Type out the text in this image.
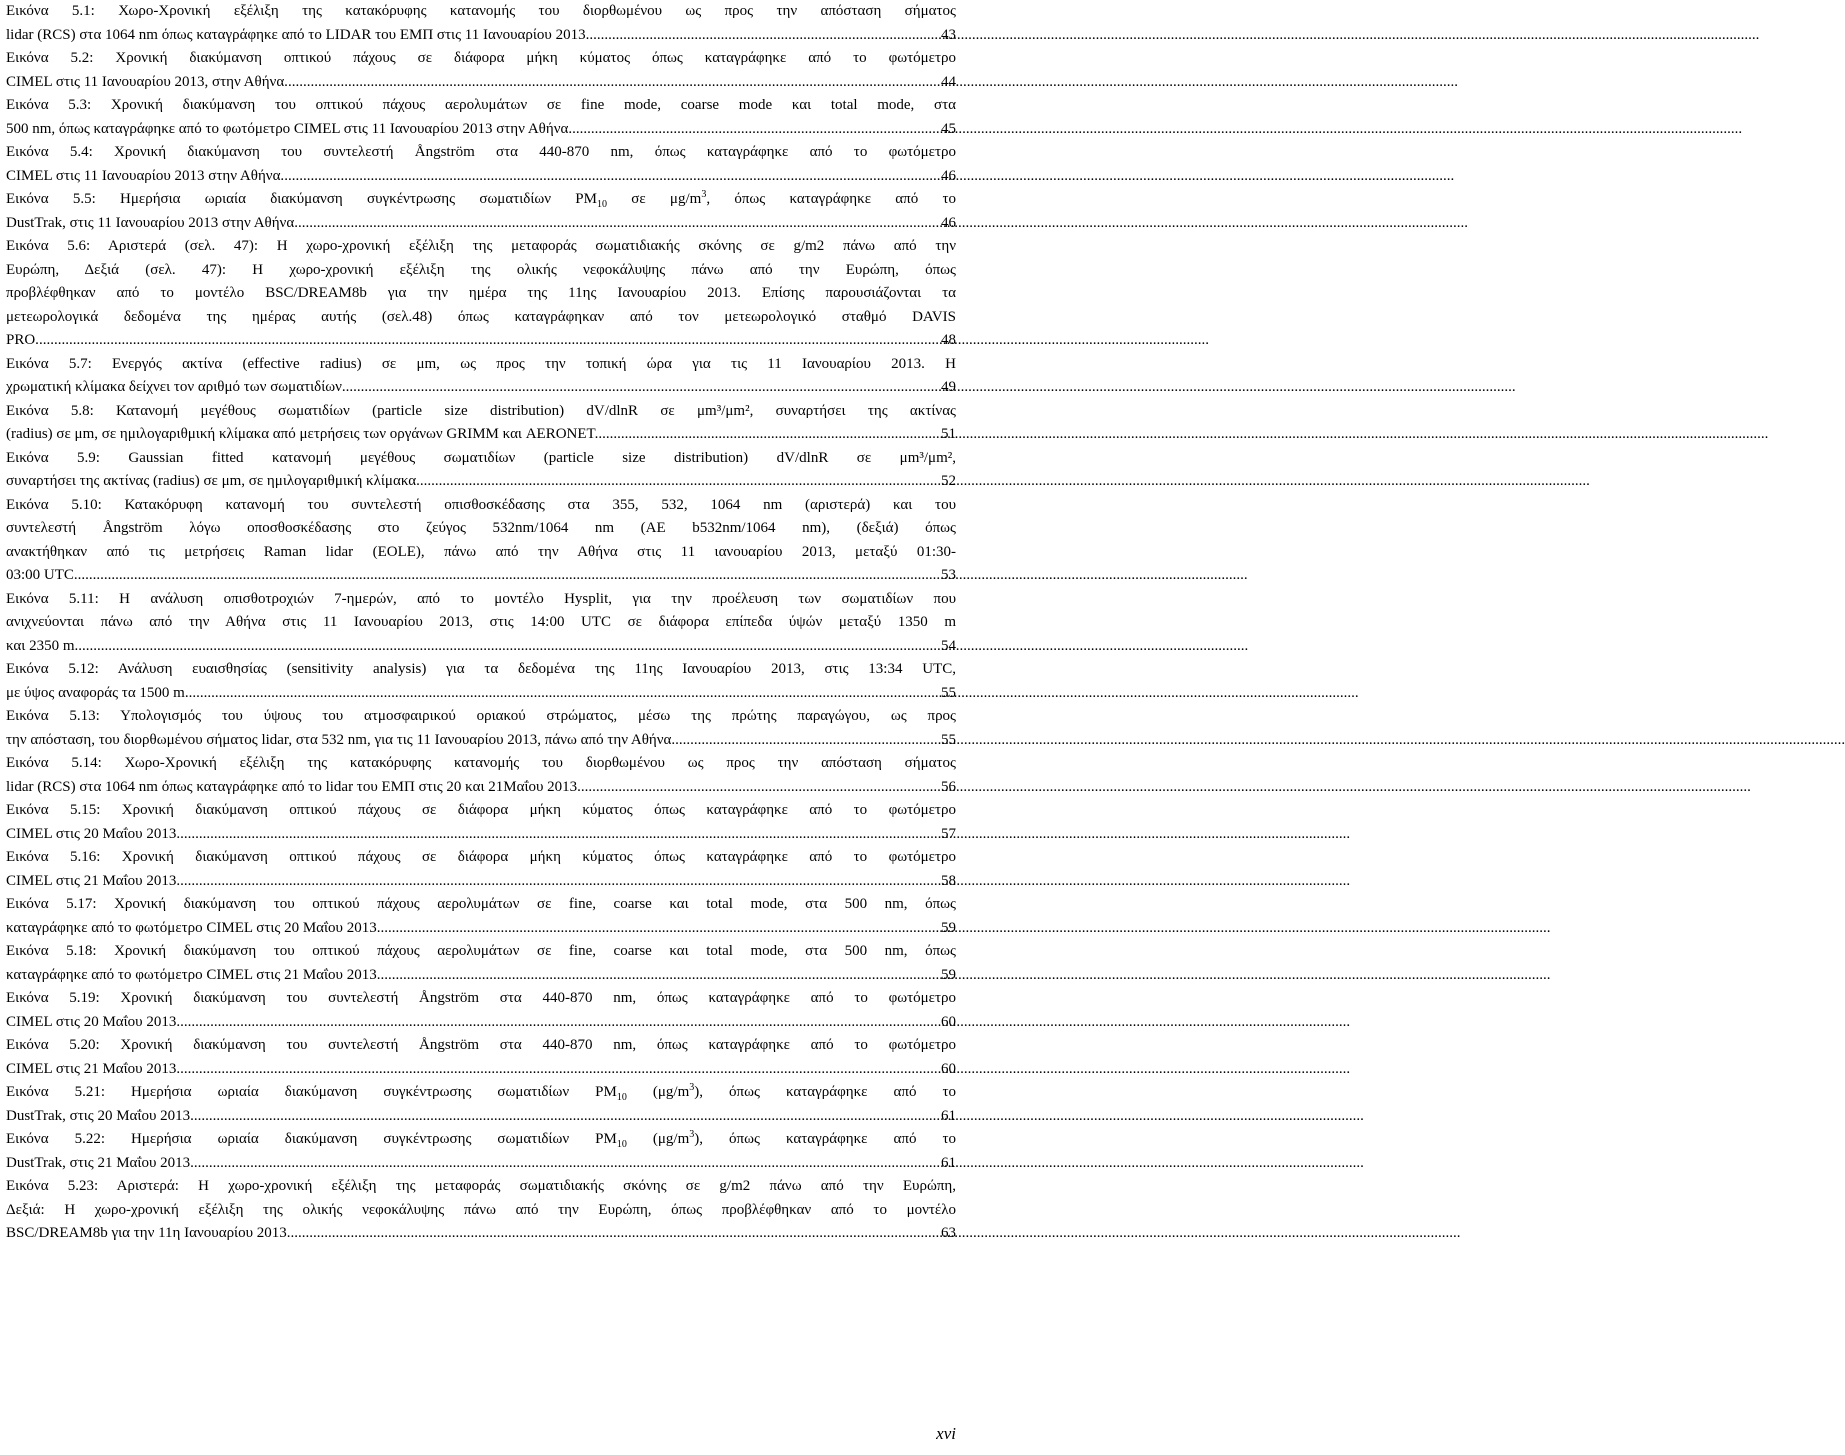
Εικόνα 5.1: Χωρο-Χρονική εξέλιξη της κατακόρυφης κατανομής του διορθωμένου ως προς την απόσταση σήματος
lidar (RCS) στα 1064 nm όπως καταγράφηκε από το LIDAR του ΕΜΠ στις 11 Ιανουαρίου 2013. .....	43
Εικόνα 5.2: Χρονική διακύμανση οπτικού πάχους σε διάφορα μήκη κύματος όπως καταγράφηκε από το φωτόμετρο
CIMEL στις 11 Ιανουαρίου 2013, στην Αθήνα. .....	44
Εικόνα 5.3: Χρονική διακύμανση του οπτικού πάχους αερολυμάτων σε fine mode, coarse mode και total mode, στα
500 nm, όπως καταγράφηκε από το φωτόμετρο CIMEL στις 11 Ιανουαρίου 2013 στην Αθήνα. .....	45
Εικόνα 5.4: Χρονική διακύμανση του συντελεστή Ångström στα 440-870 nm, όπως καταγράφηκε από το φωτόμετρο
CIMEL στις 11 Ιανουαρίου 2013 στην Αθήνα. .....	46
Εικόνα 5.5: Ημερήσια ωριαία διακύμανση συγκέντρωσης σωματιδίων $PM_{10}$ σε $\mu g/m^3$, όπως καταγράφηκε από το
DustTrak, στις 11 Ιανουαρίου 2013 στην Αθήνα. .....	46
Εικόνα 5.6: Αριστερά (σελ. 47): Η χωρο-χρονική εξέλιξη της μεταφοράς σωματιδιακής σκόνης σε g/m2 πάνω από την
Ευρώπη, Δεξιά (σελ. 47): Η χωρο-χρονική εξέλιξη της ολικής νεφοκάλυψης πάνω από την Ευρώπη, όπως
προβλέφθηκαν από το μοντέλο BSC/DREAM8b για την ημέρα της 11ης Ιανουαρίου 2013. Επίσης παρουσιάζονται τα
μετεωρολογικά δεδομένα της ημέρας αυτής (σελ.48) όπως καταγράφηκαν από τον μετεωρολογικό σταθμό DAVIS
PRO. .....	48
Εικόνα 5.7: Ενεργός ακτίνα (effective radius) σε μm, ως προς την τοπική ώρα για τις 11 Ιανουαρίου 2013. Η
χρωματική κλίμακα δείχνει τον αριθμό των σωματιδίων. .....	49
Εικόνα 5.8: Κατανομή μεγέθους σωματιδίων (particle size distribution) dV/dlnR σε μm³/μm², συναρτήσει της ακτίνας
(radius) σε μm, σε ημιλογαριθμική κλίμακα από μετρήσεις των οργάνων GRIMM και AERONET. .....	51
Εικόνα 5.9: Gaussian fitted κατανομή μεγέθους σωματιδίων (particle size distribution) dV/dlnR σε μm³/μm²,
συναρτήσει της ακτίνας (radius) σε μm, σε ημιλογαριθμική κλίμακα. .....	52
Εικόνα 5.10: Κατακόρυφη κατανομή του συντελεστή οπισθοσκέδασης στα 355, 532, 1064 nm (αριστερά) και του
συντελεστή Ångström λόγω οποσθοσκέδασης στο ζεύγος 532nm/1064 nm (AE b532nm/1064 nm), (δεξιά) όπως
ανακτήθηκαν από τις μετρήσεις Raman lidar (EOLE), πάνω από την Αθήνα στις 11 ιανουαρίου 2013, μεταξύ 01:30-
03:00 UTC. .....	53
Εικόνα 5.11: Η ανάλυση οπισθοτροχιών 7-ημερών, από το μοντέλο Hysplit, για την προέλευση των σωματιδίων που
ανιχνεύονται πάνω από την Αθήνα στις 11 Ιανουαρίου 2013, στις 14:00 UTC σε διάφορα επίπεδα ύψών μεταξύ 1350 m
και 2350 m. .....	54
Εικόνα 5.12: Ανάλυση ευαισθησίας (sensitivity analysis) για τα δεδομένα της 11ης Ιανουαρίου 2013, στις 13:34 UTC,
με ύψος αναφοράς τα 1500 m. .....	55
Εικόνα 5.13: Υπολογισμός του ύψους του ατμοσφαιρικού οριακού στρώματος, μέσω της πρώτης παραγώγου, ως προς
την απόσταση, του διορθωμένου σήματος lidar, στα 532 nm, για τις 11 Ιανουαρίου 2013, πάνω από την Αθήνα. .....	55
Εικόνα 5.14: Χωρο-Χρονική εξέλιξη της κατακόρυφης κατανομής του διορθωμένου ως προς την απόσταση σήματος
lidar (RCS) στα 1064 nm όπως καταγράφηκε από το lidar του ΕΜΠ στις 20 και 21Μαΐου 2013. .....	56
Εικόνα 5.15: Χρονική διακύμανση οπτικού πάχους σε διάφορα μήκη κύματος όπως καταγράφηκε από το φωτόμετρο
CIMEL στις 20 Μαΐου 2013. .....	57
Εικόνα 5.16: Χρονική διακύμανση οπτικού πάχους σε διάφορα μήκη κύματος όπως καταγράφηκε από το φωτόμετρο
CIMEL στις 21 Μαΐου 2013. .....	58
Εικόνα 5.17: Χρονική διακύμανση του οπτικού πάχους αερολυμάτων σε fine, coarse και total mode, στα 500 nm, όπως
καταγράφηκε από το φωτόμετρο CIMEL στις 20 Μαΐου 2013. .....	59
Εικόνα 5.18: Χρονική διακύμανση του οπτικού πάχους αερολυμάτων σε fine, coarse και total mode, στα 500 nm, όπως
καταγράφηκε από το φωτόμετρο CIMEL στις 21 Μαΐου 2013. .....	59
Εικόνα 5.19: Χρονική διακύμανση του συντελεστή Ångström στα 440-870 nm, όπως καταγράφηκε από το φωτόμετρο
CIMEL στις 20 Μαΐου 2013. .....	60
Εικόνα 5.20: Χρονική διακύμανση του συντελεστή Ångström στα 440-870 nm, όπως καταγράφηκε από το φωτόμετρο
CIMEL στις 21 Μαΐου 2013. .....	60
Εικόνα 5.21: Ημερήσια ωριαία διακύμανση συγκέντρωσης σωματιδίων $PM_{10}$ $(\mu g/m^3)$, όπως καταγράφηκε από το
DustTrak, στις 20 Μαΐου 2013. .....	61
Εικόνα 5.22: Ημερήσια ωριαία διακύμανση συγκέντρωσης σωματιδίων $PM_{10}$ $(\mu g/m^3)$, όπως καταγράφηκε από το
DustTrak, στις 21 Μαΐου 2013. .....	61
Εικόνα 5.23: Αριστερά: Η χωρο-χρονική εξέλιξη της μεταφοράς σωματιδιακής σκόνης σε g/m2 πάνω από την Ευρώπη,
Δεξιά: Η χωρο-χρονική εξέλιξη της ολικής νεφοκάλυψης πάνω από την Ευρώπη, όπως προβλέφθηκαν από το μοντέλο
BSC/DREAM8b για την 11η Ιανουαρίου 2013. .....	63
xvi
